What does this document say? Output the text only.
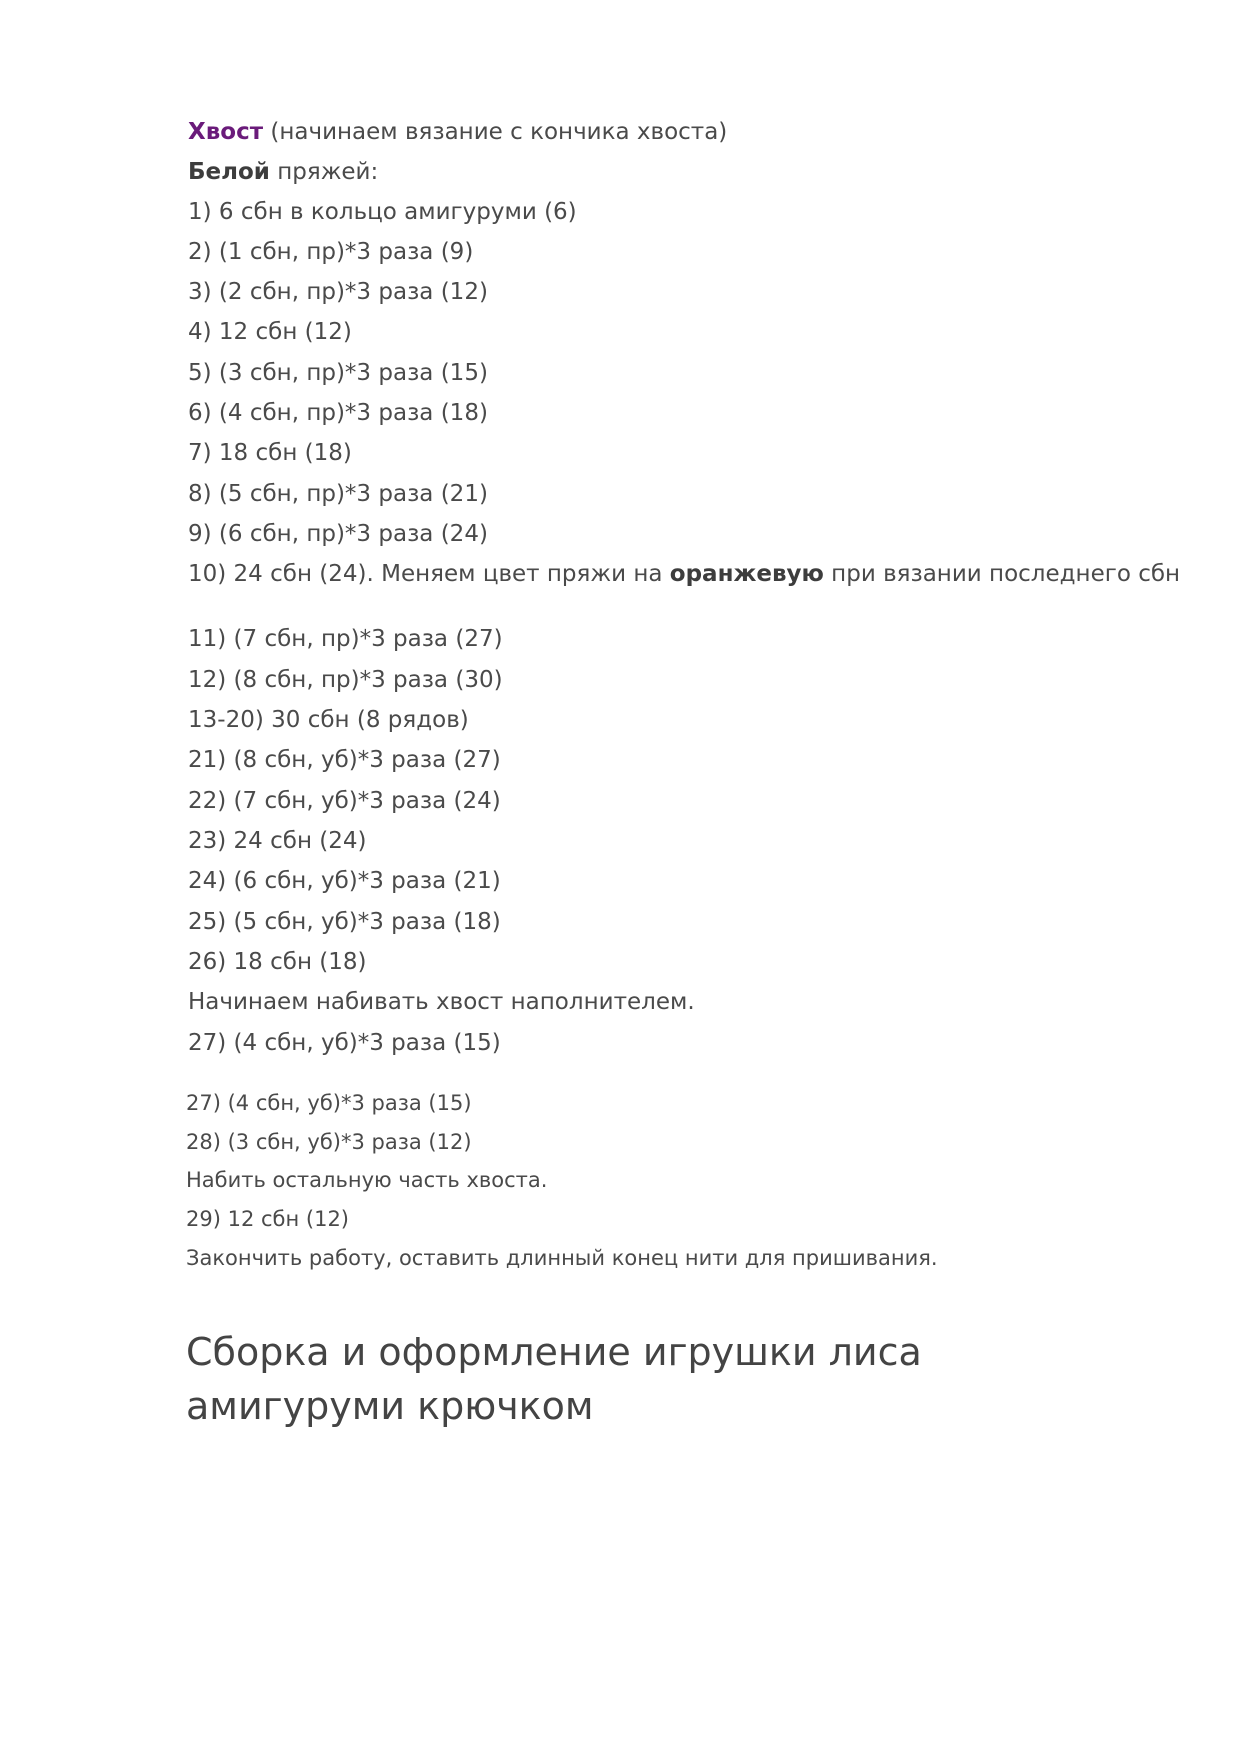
Хвост (начинаем вязание с кончика хвоста)
Белой пряжей:
1) 6 сбн в кольцо амигуруми (6)
2) (1 сбн, пр)*3 раза (9)
3) (2 сбн, пр)*3 раза (12)
4) 12 сбн (12)
5) (3 сбн, пр)*3 раза (15)
6) (4 сбн, пр)*3 раза (18)
7) 18 сбн (18)
8) (5 сбн, пр)*3 раза (21)
9) (6 сбн, пр)*3 раза (24)
10) 24 сбн (24). Меняем цвет пряжи на оранжевую при вязании последнего сбн
11) (7 сбн, пр)*3 раза (27)
12) (8 сбн, пр)*3 раза (30)
13-20) 30 сбн (8 рядов)
21) (8 сбн, уб)*3 раза (27)
22) (7 сбн, уб)*3 раза (24)
23) 24 сбн (24)
24) (6 сбн, уб)*3 раза (21)
25) (5 сбн, уб)*3 раза (18)
26) 18 сбн (18)
Начинаем набивать хвост наполнителем.
27) (4 сбн, уб)*3 раза (15)
27) (4 сбн, уб)*3 раза (15)
28) (3 сбн, уб)*3 раза (12)
Набить остальную часть хвоста.
29) 12 сбн (12)
Закончить работу, оставить длинный конец нити для пришивания.
Сборка и оформление игрушки лиса амигуруми крючком
